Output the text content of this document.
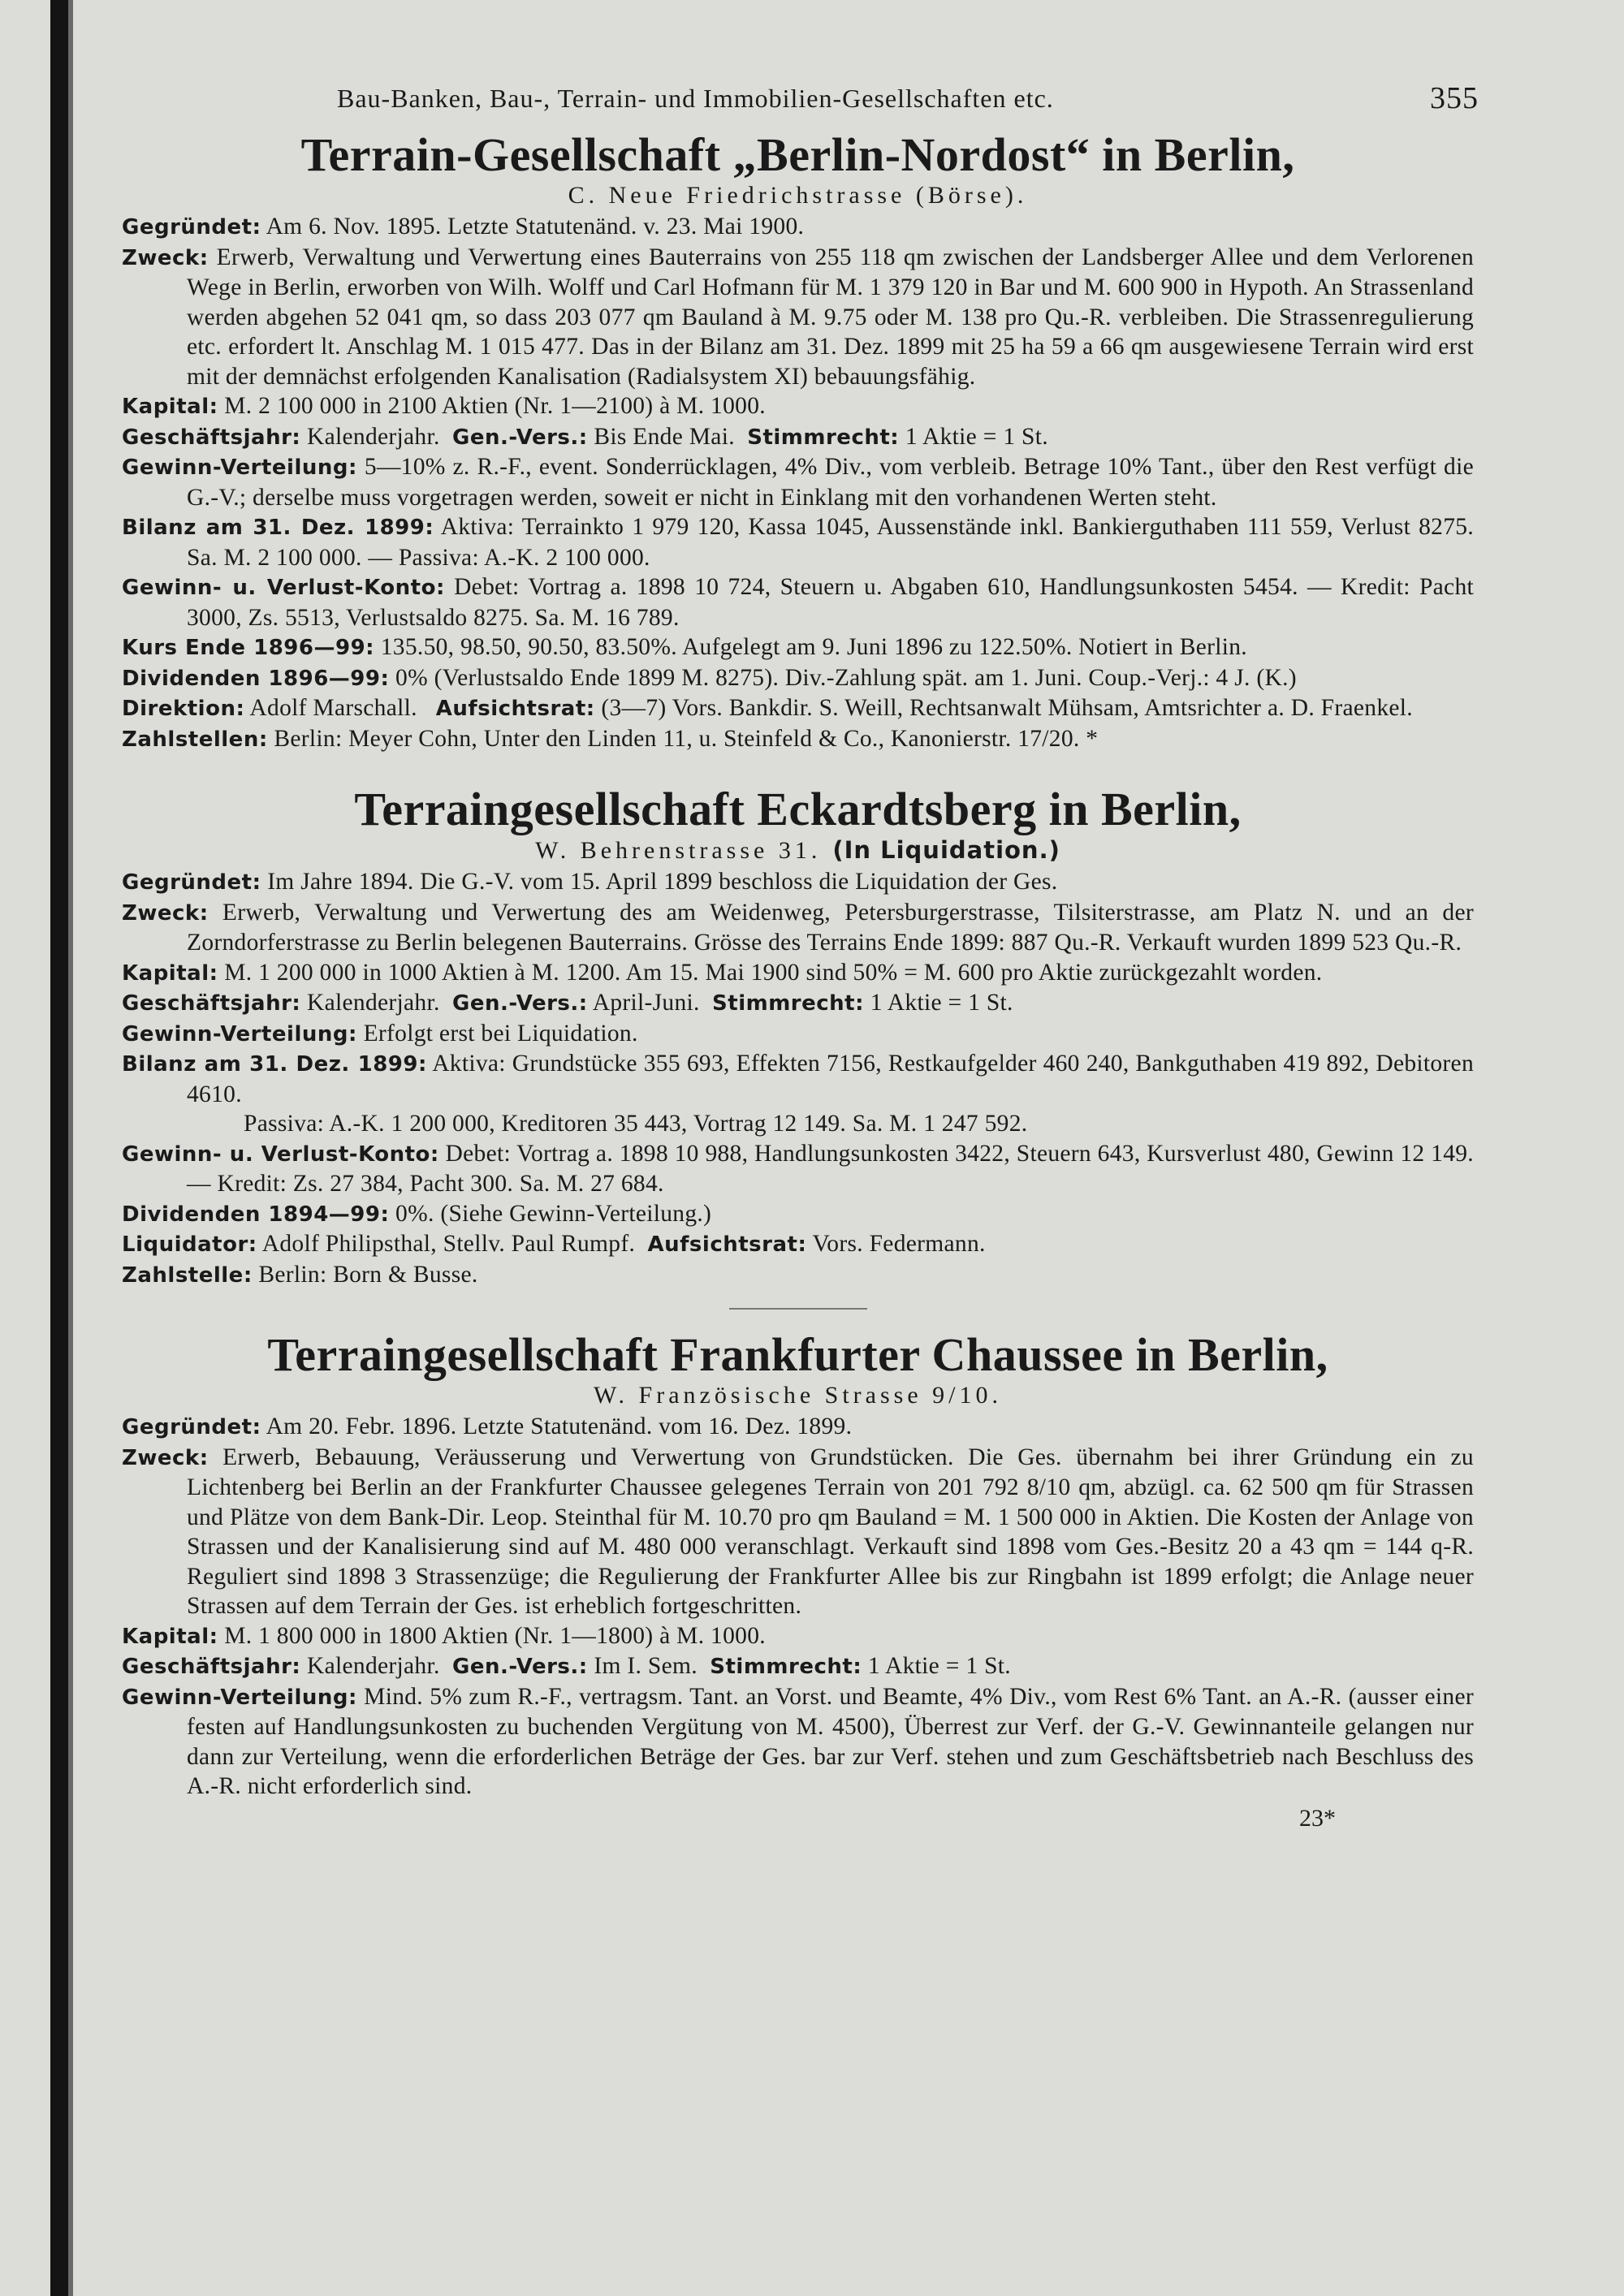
Bau-Banken, Bau-, Terrain- und Immobilien-Gesellschaften etc.	355
Terrain-Gesellschaft „Berlin-Nordost“ in Berlin,
C. Neue Friedrichstrasse (Börse).
Gegründet: Am 6. Nov. 1895. Letzte Statutenänd. v. 23. Mai 1900.
Zweck: Erwerb, Verwaltung und Verwertung eines Bauterrains von 255 118 qm zwischen der Landsberger Allee und dem Verlorenen Wege in Berlin, erworben von Wilh. Wolff und Carl Hofmann für M. 1 379 120 in Bar und M. 600 900 in Hypoth. An Strassenland werden abgehen 52 041 qm, so dass 203 077 qm Bauland à M. 9.75 oder M. 138 pro Qu.-R. verbleiben. Die Strassenregulierung etc. erfordert lt. Anschlag M. 1 015 477. Das in der Bilanz am 31. Dez. 1899 mit 25 ha 59 a 66 qm ausgewiesene Terrain wird erst mit der demnächst erfolgenden Kanalisation (Radialsystem XI) bebauungsfähig.
Kapital: M. 2 100 000 in 2100 Aktien (Nr. 1—2100) à M. 1000.
Geschäftsjahr: Kalenderjahr. Gen.-Vers.: Bis Ende Mai. Stimmrecht: 1 Aktie = 1 St.
Gewinn-Verteilung: 5—10% z. R.-F., event. Sonderrücklagen, 4% Div., vom verbleib. Betrage 10% Tant., über den Rest verfügt die G.-V.; derselbe muss vorgetragen werden, soweit er nicht in Einklang mit den vorhandenen Werten steht.
Bilanz am 31. Dez. 1899: Aktiva: Terrainkto 1 979 120, Kassa 1045, Aussenstände inkl. Bankierguthaben 111 559, Verlust 8275. Sa. M. 2 100 000. — Passiva: A.-K. 2 100 000.
Gewinn- u. Verlust-Konto: Debet: Vortrag a. 1898 10 724, Steuern u. Abgaben 610, Handlungsunkosten 5454. — Kredit: Pacht 3000, Zs. 5513, Verlustsaldo 8275. Sa. M. 16 789.
Kurs Ende 1896—99: 135.50, 98.50, 90.50, 83.50%. Aufgelegt am 9. Juni 1896 zu 122.50%. Notiert in Berlin.
Dividenden 1896—99: 0% (Verlustsaldo Ende 1899 M. 8275). Div.-Zahlung spät. am 1. Juni. Coup.-Verj.: 4 J. (K.)
Direktion: Adolf Marschall. Aufsichtsrat: (3—7) Vors. Bankdir. S. Weill, Rechtsanwalt Mühsam, Amtsrichter a. D. Fraenkel.
Zahlstellen: Berlin: Meyer Cohn, Unter den Linden 11, u. Steinfeld & Co., Kanonierstr. 17/20. *
Terraingesellschaft Eckardtsberg in Berlin,
W. Behrenstrasse 31. (In Liquidation.)
Gegründet: Im Jahre 1894. Die G.-V. vom 15. April 1899 beschloss die Liquidation der Ges.
Zweck: Erwerb, Verwaltung und Verwertung des am Weidenweg, Petersburgerstrasse, Tilsiterstrasse, am Platz N. und an der Zorndorferstrasse zu Berlin belegenen Bauterrains. Grösse des Terrains Ende 1899: 887 Qu.-R. Verkauft wurden 1899 523 Qu.-R.
Kapital: M. 1 200 000 in 1000 Aktien à M. 1200. Am 15. Mai 1900 sind 50% = M. 600 pro Aktie zurückgezahlt worden.
Geschäftsjahr: Kalenderjahr. Gen.-Vers.: April-Juni. Stimmrecht: 1 Aktie = 1 St.
Gewinn-Verteilung: Erfolgt erst bei Liquidation.
Bilanz am 31. Dez. 1899: Aktiva: Grundstücke 355 693, Effekten 7156, Restkaufgelder 460 240, Bankguthaben 419 892, Debitoren 4610.
Passiva: A.-K. 1 200 000, Kreditoren 35 443, Vortrag 12 149. Sa. M. 1 247 592.
Gewinn- u. Verlust-Konto: Debet: Vortrag a. 1898 10 988, Handlungsunkosten 3422, Steuern 643, Kursverlust 480, Gewinn 12 149. — Kredit: Zs. 27 384, Pacht 300. Sa. M. 27 684.
Dividenden 1894—99: 0%. (Siehe Gewinn-Verteilung.)
Liquidator: Adolf Philipsthal, Stellv. Paul Rumpf. Aufsichtsrat: Vors. Federmann.
Zahlstelle: Berlin: Born & Busse.
Terraingesellschaft Frankfurter Chaussee in Berlin,
W. Französische Strasse 9/10.
Gegründet: Am 20. Febr. 1896. Letzte Statutenänd. vom 16. Dez. 1899.
Zweck: Erwerb, Bebauung, Veräusserung und Verwertung von Grundstücken. Die Ges. übernahm bei ihrer Gründung ein zu Lichtenberg bei Berlin an der Frankfurter Chaussee gelegenes Terrain von 201 792 8/10 qm, abzügl. ca. 62 500 qm für Strassen und Plätze von dem Bank-Dir. Leop. Steinthal für M. 10.70 pro qm Bauland = M. 1 500 000 in Aktien. Die Kosten der Anlage von Strassen und der Kanalisierung sind auf M. 480 000 veranschlagt. Verkauft sind 1898 vom Ges.-Besitz 20 a 43 qm = 144 q-R. Reguliert sind 1898 3 Strassenzüge; die Regulierung der Frankfurter Allee bis zur Ringbahn ist 1899 erfolgt; die Anlage neuer Strassen auf dem Terrain der Ges. ist erheblich fortgeschritten.
Kapital: M. 1 800 000 in 1800 Aktien (Nr. 1—1800) à M. 1000.
Geschäftsjahr: Kalenderjahr. Gen.-Vers.: Im I. Sem. Stimmrecht: 1 Aktie = 1 St.
Gewinn-Verteilung: Mind. 5% zum R.-F., vertragsm. Tant. an Vorst. und Beamte, 4% Div., vom Rest 6% Tant. an A.-R. (ausser einer festen auf Handlungsunkosten zu buchenden Vergütung von M. 4500), Überrest zur Verf. der G.-V. Gewinnanteile gelangen nur dann zur Verteilung, wenn die erforderlichen Beträge der Ges. bar zur Verf. stehen und zum Geschäftsbetrieb nach Beschluss des A.-R. nicht erforderlich sind.
23*
